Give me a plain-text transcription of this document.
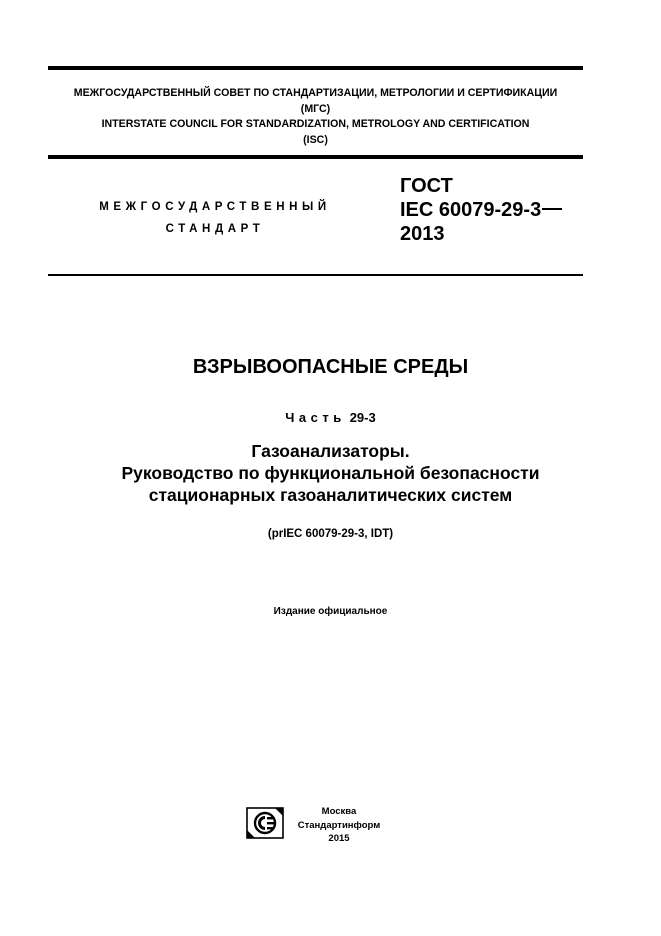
МЕЖГОСУДАРСТВЕННЫЙ СОВЕТ ПО СТАНДАРТИЗАЦИИ, МЕТРОЛОГИИ И СЕРТИФИКАЦИИ
(МГС)
INTERSTATE COUNCIL FOR STANDARDIZATION, METROLOGY AND CERTIFICATION
(ISC)
МЕЖГОСУДАРСТВЕННЫЙ
СТАНДАРТ
ГОСТ
IEC 60079-29-3
2013
ВЗРЫВООПАСНЫЕ СРЕДЫ
Часть 29-3
Газоанализаторы.
Руководство по функциональной безопасности
стационарных газоаналитических систем
(prIEC 60079-29-3, IDT)
Издание официальное
Москва
Стандартинформ
2015
